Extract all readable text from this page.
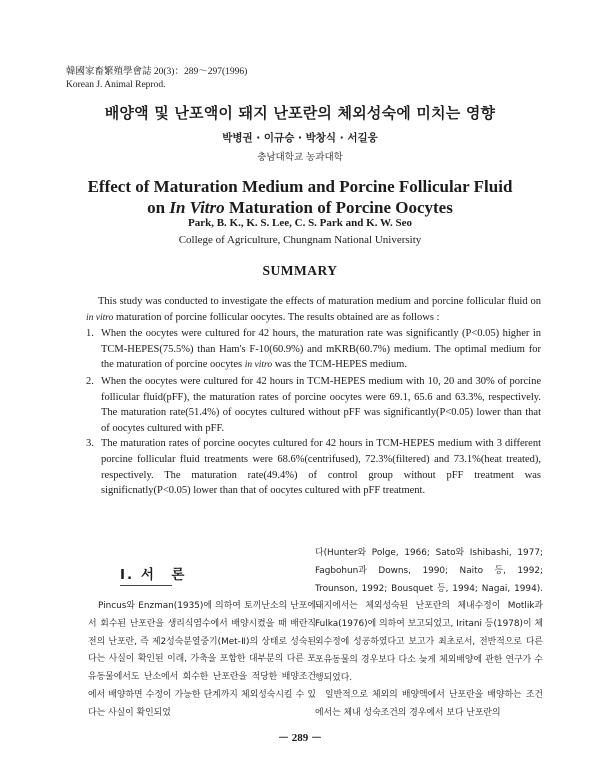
韓國家畜繁殖學會誌 20(3)：289～297(1996)
Korean J. Animal Reprod.
배양액 및 난포액이 돼지 난포란의 체외성숙에 미치는 영향
박병권 · 이규승 · 박창식 · 서길웅
충남대학교 농과대학
Effect of Maturation Medium and Porcine Follicular Fluid
on In Vitro Maturation of Porcine Oocytes
Park, B. K., K. S. Lee, C. S. Park and K. W. Seo
College of Agriculture, Chungnam National University
SUMMARY

This study was conducted to investigate the effects of maturation medium and porcine follicular fluid on in vitro maturation of porcine follicular oocytes. The results obtained are as follows :

1. When the oocytes were cultured for 42 hours, the maturation rate was significantly (P<0.05) higher in TCM-HEPES(75.5%) than Ham's F-10(60.9%) and mKRB(60.7%) medium. The optimal medium for the maturation of porcine oocytes in vitro was the TCM-HEPES medium.
2. When the oocytes were cultured for 42 hours in TCM-HEPES medium with 10, 20 and 30% of porcine follicular fluid(pFF), the maturation rates of porcine oocytes were 69.1, 65.6 and 63.3%, respectively. The maturation rate(51.4%) of oocytes cultured without pFF was significantly(P<0.05) lower than that of oocytes cultured with pFF.
3. The maturation rates of porcine oocytes cultured for 42 hours in TCM-HEPES medium with 3 different porcine follicular fluid treatments were 68.6%(centrifused), 72.3%(filtered) and 73.1%(heat treated), respectively. The maturation rate(49.4%) of control group without pFF treatment was significnatly(P<0.05) lower than that of oocytes cultured with pFF treatment.
Ⅰ. 서　론

Pincus와 Enzman(1935)에 의하여 토끼난소의 난포에서 회수된 난포란을 생리식염수에서 배양시켰을 때 배란직전의 난포란, 즉 제2성숙분열중기(Met-Ⅱ)의 상태로 성숙된다는 사실이 확인된 이래, 가축을 포함한 대부분의 다른 포유동물에서도 난소에서 회수한 난포란을 적당한 배양조건에서 배양하면 수정이 가능한 단계까지 체외성숙시킬 수 있다는 사실이 확인되었

다(Hunter와 Polge, 1966; Sato와 Ishibashi, 1977; Fagbohun과 Downs, 1990; Naito 등, 1992; Trounson, 1992; Bousquet 등, 1994; Nagai, 1994). 돼지에서는 체외성숙된 난포란의 체내수정이 Motlik과 Fulka(1976)에 의하여 보고되었고, Iritani 등(1978)이 체외수정에 성공하였다고 보고가 최초로서, 전반적으로 다른 포유동물의 경우보다 다소 늦게 체외배양에 관한 연구가 수행되었다.

일반적으로 체외의 배양액에서 난포란을 배양하는 조건에서는 체내 성숙조건의 경우에서 보다 난포란의

－ 289 －
